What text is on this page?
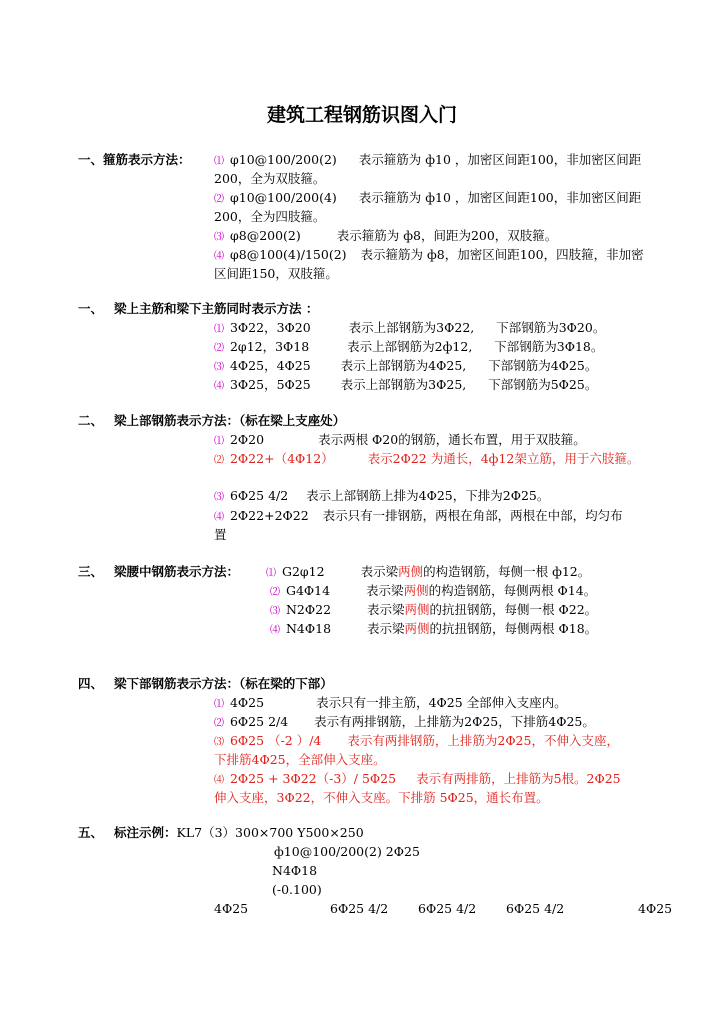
建筑工程钢筋识图入门
一、箍筋表示方法： ⑴ φ10@100/200(2) 表示箍筋为 ф10 ，加密区间距100，非加密区间距
200，全为双肢箍。
⑵ φ10@100/200(4) 表示箍筋为 ф10 ，加密区间距100，非加密区间距
200，全为四肢箍。
⑶ φ8@200(2)	表示箍筋为 ф8，间距为200，双肢箍。
⑷ φ8@100(4)/150(2) 表示箍筋为 ф8，加密区间距100，四肢箍，非加密
区间距150，双肢箍。
一、 梁上主筋和梁下主筋同时表示方法 ：
⑴ 3Φ22，3Φ20	表示上部钢筋为3Φ22, 下部钢筋为3Φ20。
⑵ 2φ12，3Φ18	表示上部钢筋为2ф12, 下部钢筋为3Φ18。
⑶ 4Φ25，4Φ25 表示上部钢筋为4Φ25, 下部钢筋为4Φ25。
⑷ 3Φ25，5Φ25 表示上部钢筋为3Φ25, 下部钢筋为5Φ25。
二、 梁上部钢筋表示方法：（标在梁上支座处）
⑴ 2Φ20	表示两根 Φ20的钢筋，通长布置，用于双肢箍。
⑵ 2Φ22+（4Φ12）	表示2Φ22 为通长，4ф12架立筋，用于六肢箍。
⑶ 6Φ25 4/2 表示上部钢筋上排为4Φ25，下排为2Φ25。
⑷ 2Φ22+2Φ22 表示只有一排钢筋，两根在角部，两根在中部，均匀布
置
三、 梁腰中钢筋表示方法：	⑴ G2φ12	表示梁两侧的构造钢筋，每侧一根 ф12。
⑵ G4Φ14	表示梁两侧的构造钢筋，每侧两根 Φ14。
⑶ N2Φ22	表示梁两侧的抗扭钢筋，每侧一根 Φ22。
⑷ N4Φ18	表示梁两侧的抗扭钢筋，每侧两根 Φ18。
四、 梁下部钢筋表示方法：（标在梁的下部）
⑴ 4Φ25	表示只有一排主筋，4Φ25 全部伸入支座内。
⑵ 6Φ25 2/4 表示有两排钢筋，上排筋为2Φ25，下排筋4Φ25。
⑶ 6Φ25 （-2 ）/4 表示有两排钢筋，上排筋为2Φ25，不伸入支座，
下排筋4Φ25，全部伸入支座。
⑷ 2Φ25 + 3Φ22（-3）/ 5Φ25 表示有两排筋，上排筋为5根。2Φ25
伸入支座，3Φ22，不伸入支座。下排筋 5Φ25，通长布置。
五、 标注示例：KL7（3）300×700 Y500×250
ф10@100/200(2) 2Φ25
N4Φ18
(-0.100)
4Φ25	6Φ25 4/2 6Φ25 4/2 6Φ25 4/2	4Φ25
